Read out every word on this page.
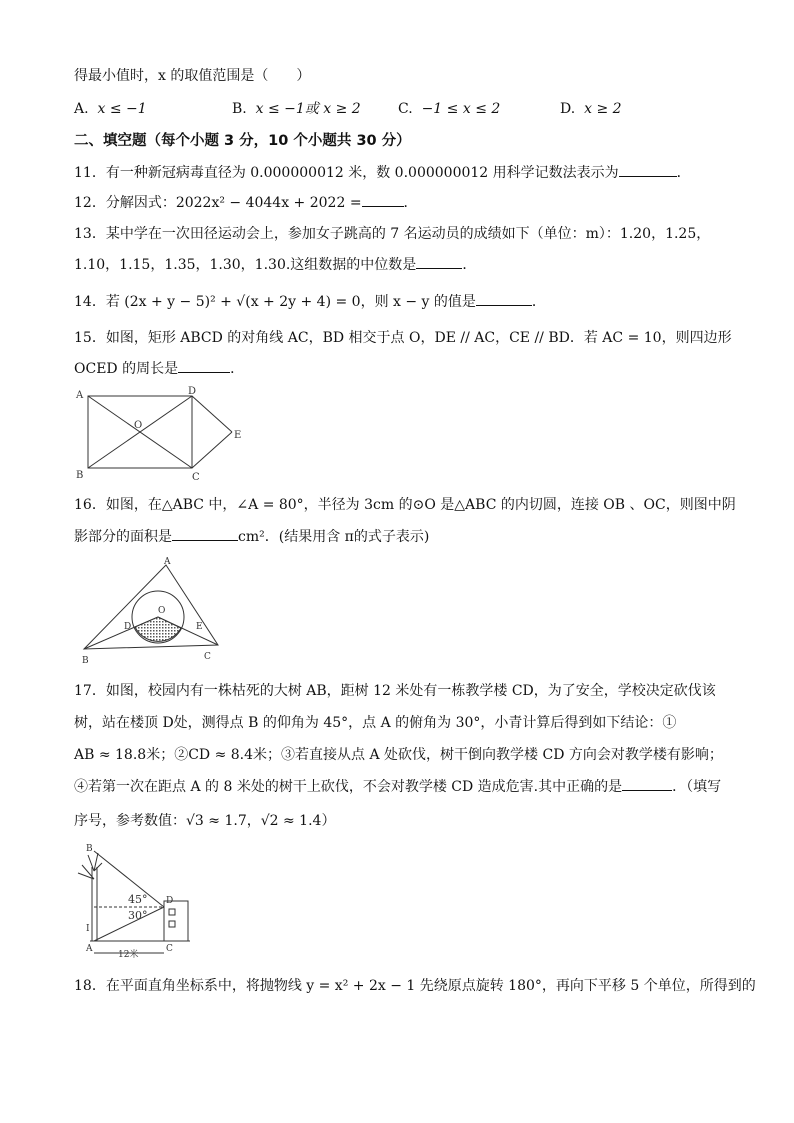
得最小值时，x 的取值范围是（　　）
A. x ≤ −1	B. x ≤ −1或 x ≥ 2	C. −1 ≤ x ≤ 2	D. x ≥ 2
二、填空题（每个小题 3 分，10 个小题共 30 分）
11．有一种新冠病毒直径为 0.000000012 米，数 0.000000012 用科学记数法表示为	．
12．分解因式：2022x² − 4044x + 2022 =	．
13．某中学在一次田径运动会上，参加女子跳高的 7 名运动员的成绩如下（单位：m）：1.20，1.25，
1.10，1.15，1.35，1.30，1.30.这组数据的中位数是	．
14．若 (2x + y − 5)² + √(x + 2y + 4) = 0，则 x − y 的值是	．
15．如图，矩形 ABCD 的对角线 AC，BD 相交于点 O，DE // AC，CE // BD．若 AC = 10，则四边形
OCED 的周长是	．
A
B	C
D
E
O
16．如图，在△ABC 中，∠A = 80°，半径为 3cm 的⊙O 是△ABC 的内切圆，连接 OB 、OC，则图中阴
影部分的面积是	cm²．(结果用含 π的式子表示)
A
B	C
D	E
O
17．如图，校园内有一株枯死的大树 AB，距树 12 米处有一栋教学楼 CD，为了安全，学校决定砍伐该
树，站在楼顶 D处，测得点 B 的仰角为 45°，点 A 的俯角为 30°，小青计算后得到如下结论：①
AB ≈ 18.8米；②CD ≈ 8.4米；③若直接从点 A 处砍伐，树干倒向教学楼 CD 方向会对教学楼有影响；
④若第一次在距点 A 的 8 米处的树干上砍伐，不会对教学楼 CD 造成危害.其中正确的是	．（填写
序号，参考数值：√3 ≈ 1.7，√2 ≈ 1.4）
B
D
A	C
I
45°
30°
12米
18．在平面直角坐标系中，将抛物线 y = x² + 2x − 1 先绕原点旋转 180°，再向下平移 5 个单位，所得到的
